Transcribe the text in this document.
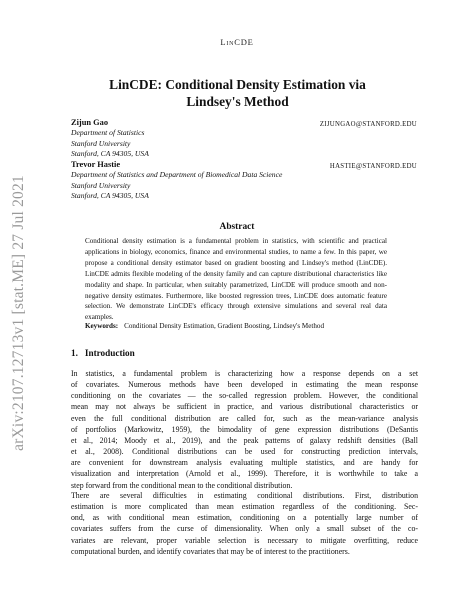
arXiv:2107.12713v1 [stat.ME] 27 Jul 2021
LinCDE
LinCDE: Conditional Density Estimation via Lindsey's Method
Zijun Gao	ZIJUNGAO@STANFORD.EDU
Department of Statistics
Stanford University
Stanford, CA 94305, USA
Trevor Hastie	HASTIE@STANFORD.EDU
Department of Statistics and Department of Biomedical Data Science
Stanford University
Stanford, CA 94305, USA
Abstract
Conditional density estimation is a fundamental problem in statistics, with scientific and practical applications in biology, economics, finance and environmental studies, to name a few. In this paper, we propose a conditional density estimator based on gradient boosting and Lindsey's method (LinCDE). LinCDE admits flexible modeling of the density family and can capture distributional characteristics like modality and shape. In particular, when suitably parametrized, LinCDE will produce smooth and non-negative density estimates. Furthermore, like boosted regression trees, LinCDE does automatic feature selection. We demonstrate LinCDE's efficacy through extensive simulations and several real data examples.
Keywords: Conditional Density Estimation, Gradient Boosting, Lindsey's Method
1. Introduction
In statistics, a fundamental problem is characterizing how a response depends on a set
of covariates. Numerous methods have been developed in estimating the mean response
conditioning on the covariates — the so-called regression problem. However, the conditional
mean may not always be sufficient in practice, and various distributional characteristics or
even the full conditional distribution are called for, such as the mean-variance analysis
of portfolios (Markowitz, 1959), the bimodality of gene expression distributions (DeSantis
et al., 2014; Moody et al., 2019), and the peak patterns of galaxy redshift densities (Ball
et al., 2008). Conditional distributions can be used for constructing prediction intervals,
are convenient for downstream analysis evaluating multiple statistics, and are handy for
visualization and interpretation (Arnold et al., 1999). Therefore, it is worthwhile to take a
step forward from the conditional mean to the conditional distribution.
There are several difficulties in estimating conditional distributions. First, distribution
estimation is more complicated than mean estimation regardless of the conditioning. Sec-
ond, as with conditional mean estimation, conditioning on a potentially large number of
covariates suffers from the curse of dimensionality. When only a small subset of the co-
variates are relevant, proper variable selection is necessary to mitigate overfitting, reduce
computational burden, and identify covariates that may be of interest to the practitioners.
